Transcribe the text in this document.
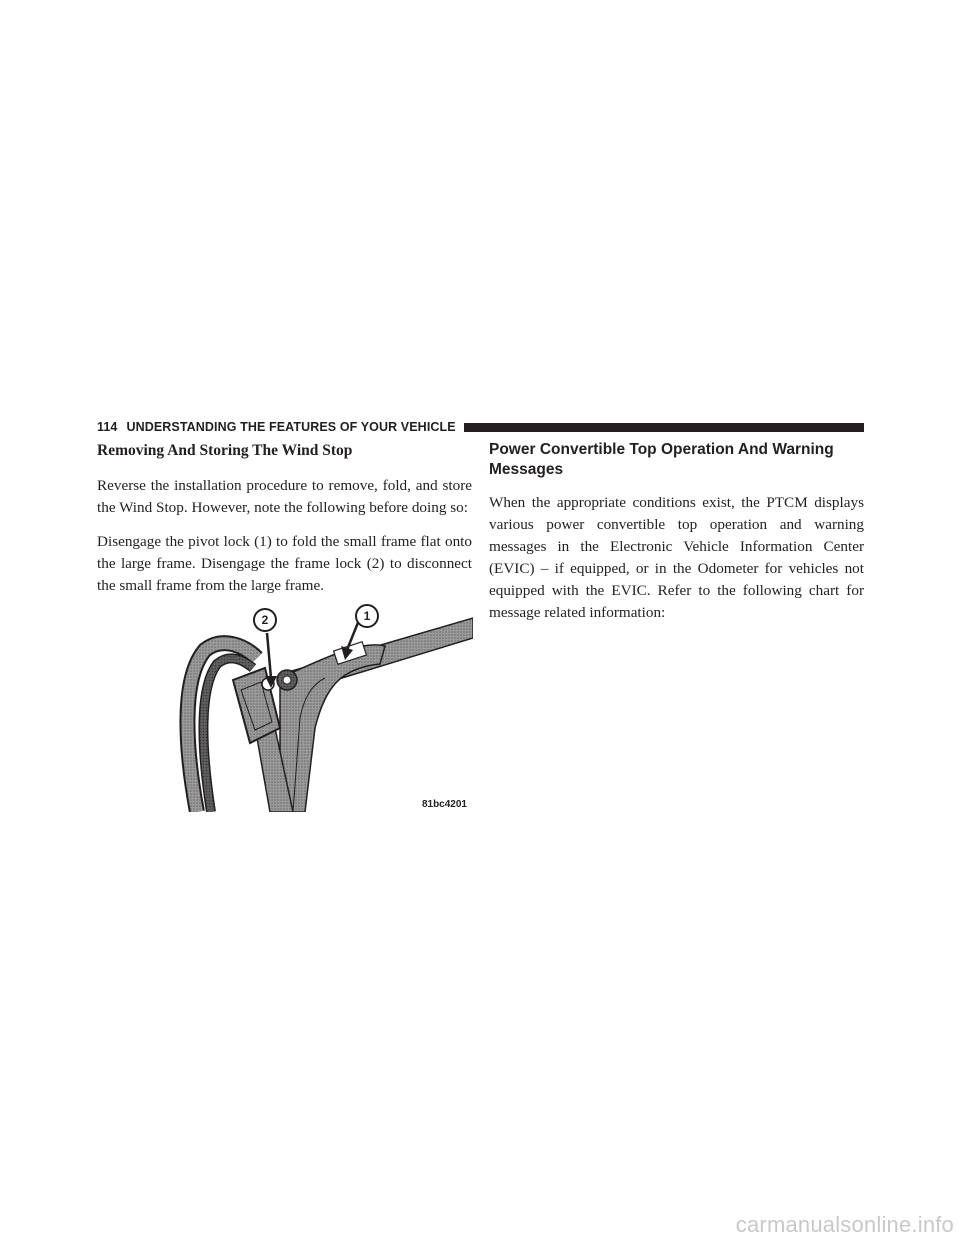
114 UNDERSTANDING THE FEATURES OF YOUR VEHICLE
Removing And Storing The Wind Stop

Reverse the installation procedure to remove, fold, and store the Wind Stop. However, note the following before doing so:

Disengage the pivot lock (1) to fold the small frame flat onto the large frame. Disengage the frame lock (2) to disconnect the small frame from the large frame.

1
2
81bc4201
Power Convertible Top Operation And Warning Messages

When the appropriate conditions exist, the PTCM displays various power convertible top operation and warning messages in the Electronic Vehicle Information Center (EVIC) – if equipped, or in the Odometer for vehicles not equipped with the EVIC. Refer to the following chart for message related information:

carmanualsonline.info
